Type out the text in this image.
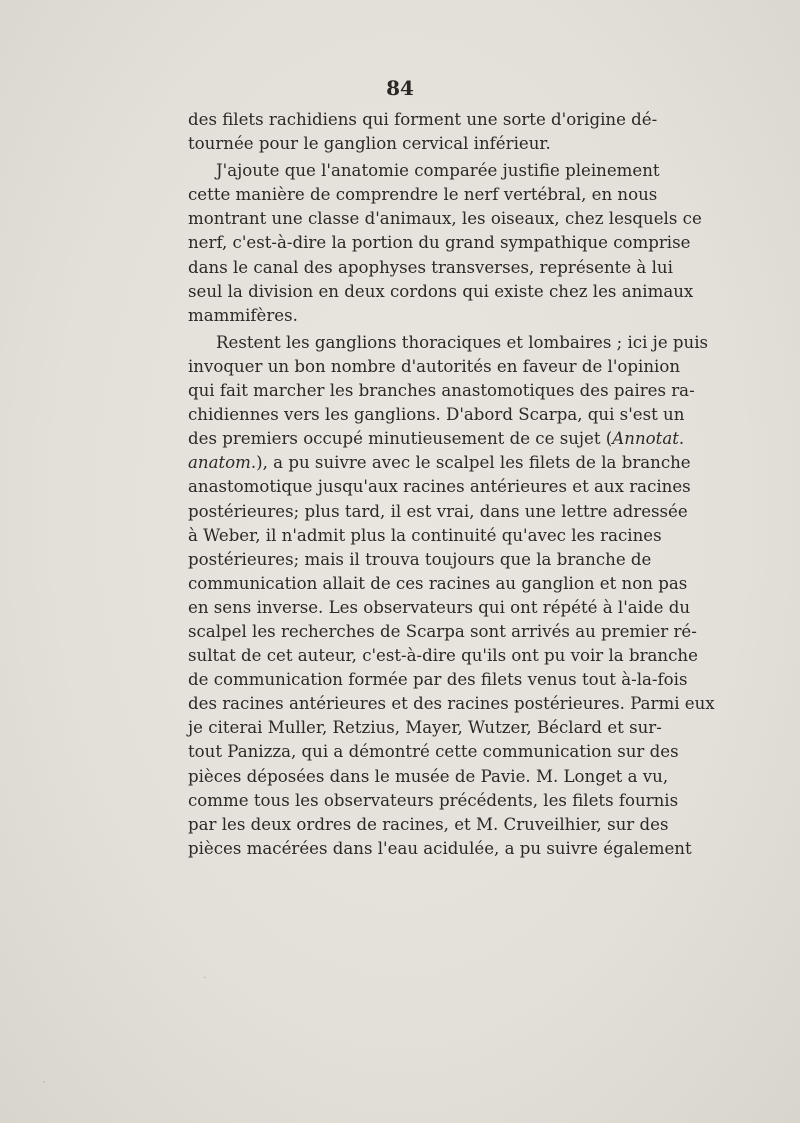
84
des filets rachidiens qui forment une sorte d'origine dé-
tournée pour le ganglion cervical inférieur.
J'ajoute que l'anatomie comparée justifie pleinement
cette manière de comprendre le nerf vertébral, en nous
montrant une classe d'animaux, les oiseaux, chez lesquels ce
nerf, c'est-à-dire la portion du grand sympathique comprise
dans le canal des apophyses transverses, représente à lui
seul la division en deux cordons qui existe chez les animaux
mammifères.
Restent les ganglions thoraciques et lombaires ; ici je puis
invoquer un bon nombre d'autorités en faveur de l'opinion
qui fait marcher les branches anastomotiques des paires ra-
chidiennes vers les ganglions. D'abord Scarpa, qui s'est un
des premiers occupé minutieusement de ce sujet (Annotat.
anatom.), a pu suivre avec le scalpel les filets de la branche
anastomotique jusqu'aux racines antérieures et aux racines
postérieures; plus tard, il est vrai, dans une lettre adressée
à Weber, il n'admit plus la continuité qu'avec les racines
postérieures; mais il trouva toujours que la branche de
communication allait de ces racines au ganglion et non pas
en sens inverse. Les observateurs qui ont répété à l'aide du
scalpel les recherches de Scarpa sont arrivés au premier ré-
sultat de cet auteur, c'est-à-dire qu'ils ont pu voir la branche
de communication formée par des filets venus tout à-la-fois
des racines antérieures et des racines postérieures. Parmi eux
je citerai Muller, Retzius, Mayer, Wutzer, Béclard et sur-
tout Panizza, qui a démontré cette communication sur des
pièces déposées dans le musée de Pavie. M. Longet a vu,
comme tous les observateurs précédents, les filets fournis
par les deux ordres de racines, et M. Cruveilhier, sur des
pièces macérées dans l'eau acidulée, a pu suivre également
·
ˏ
